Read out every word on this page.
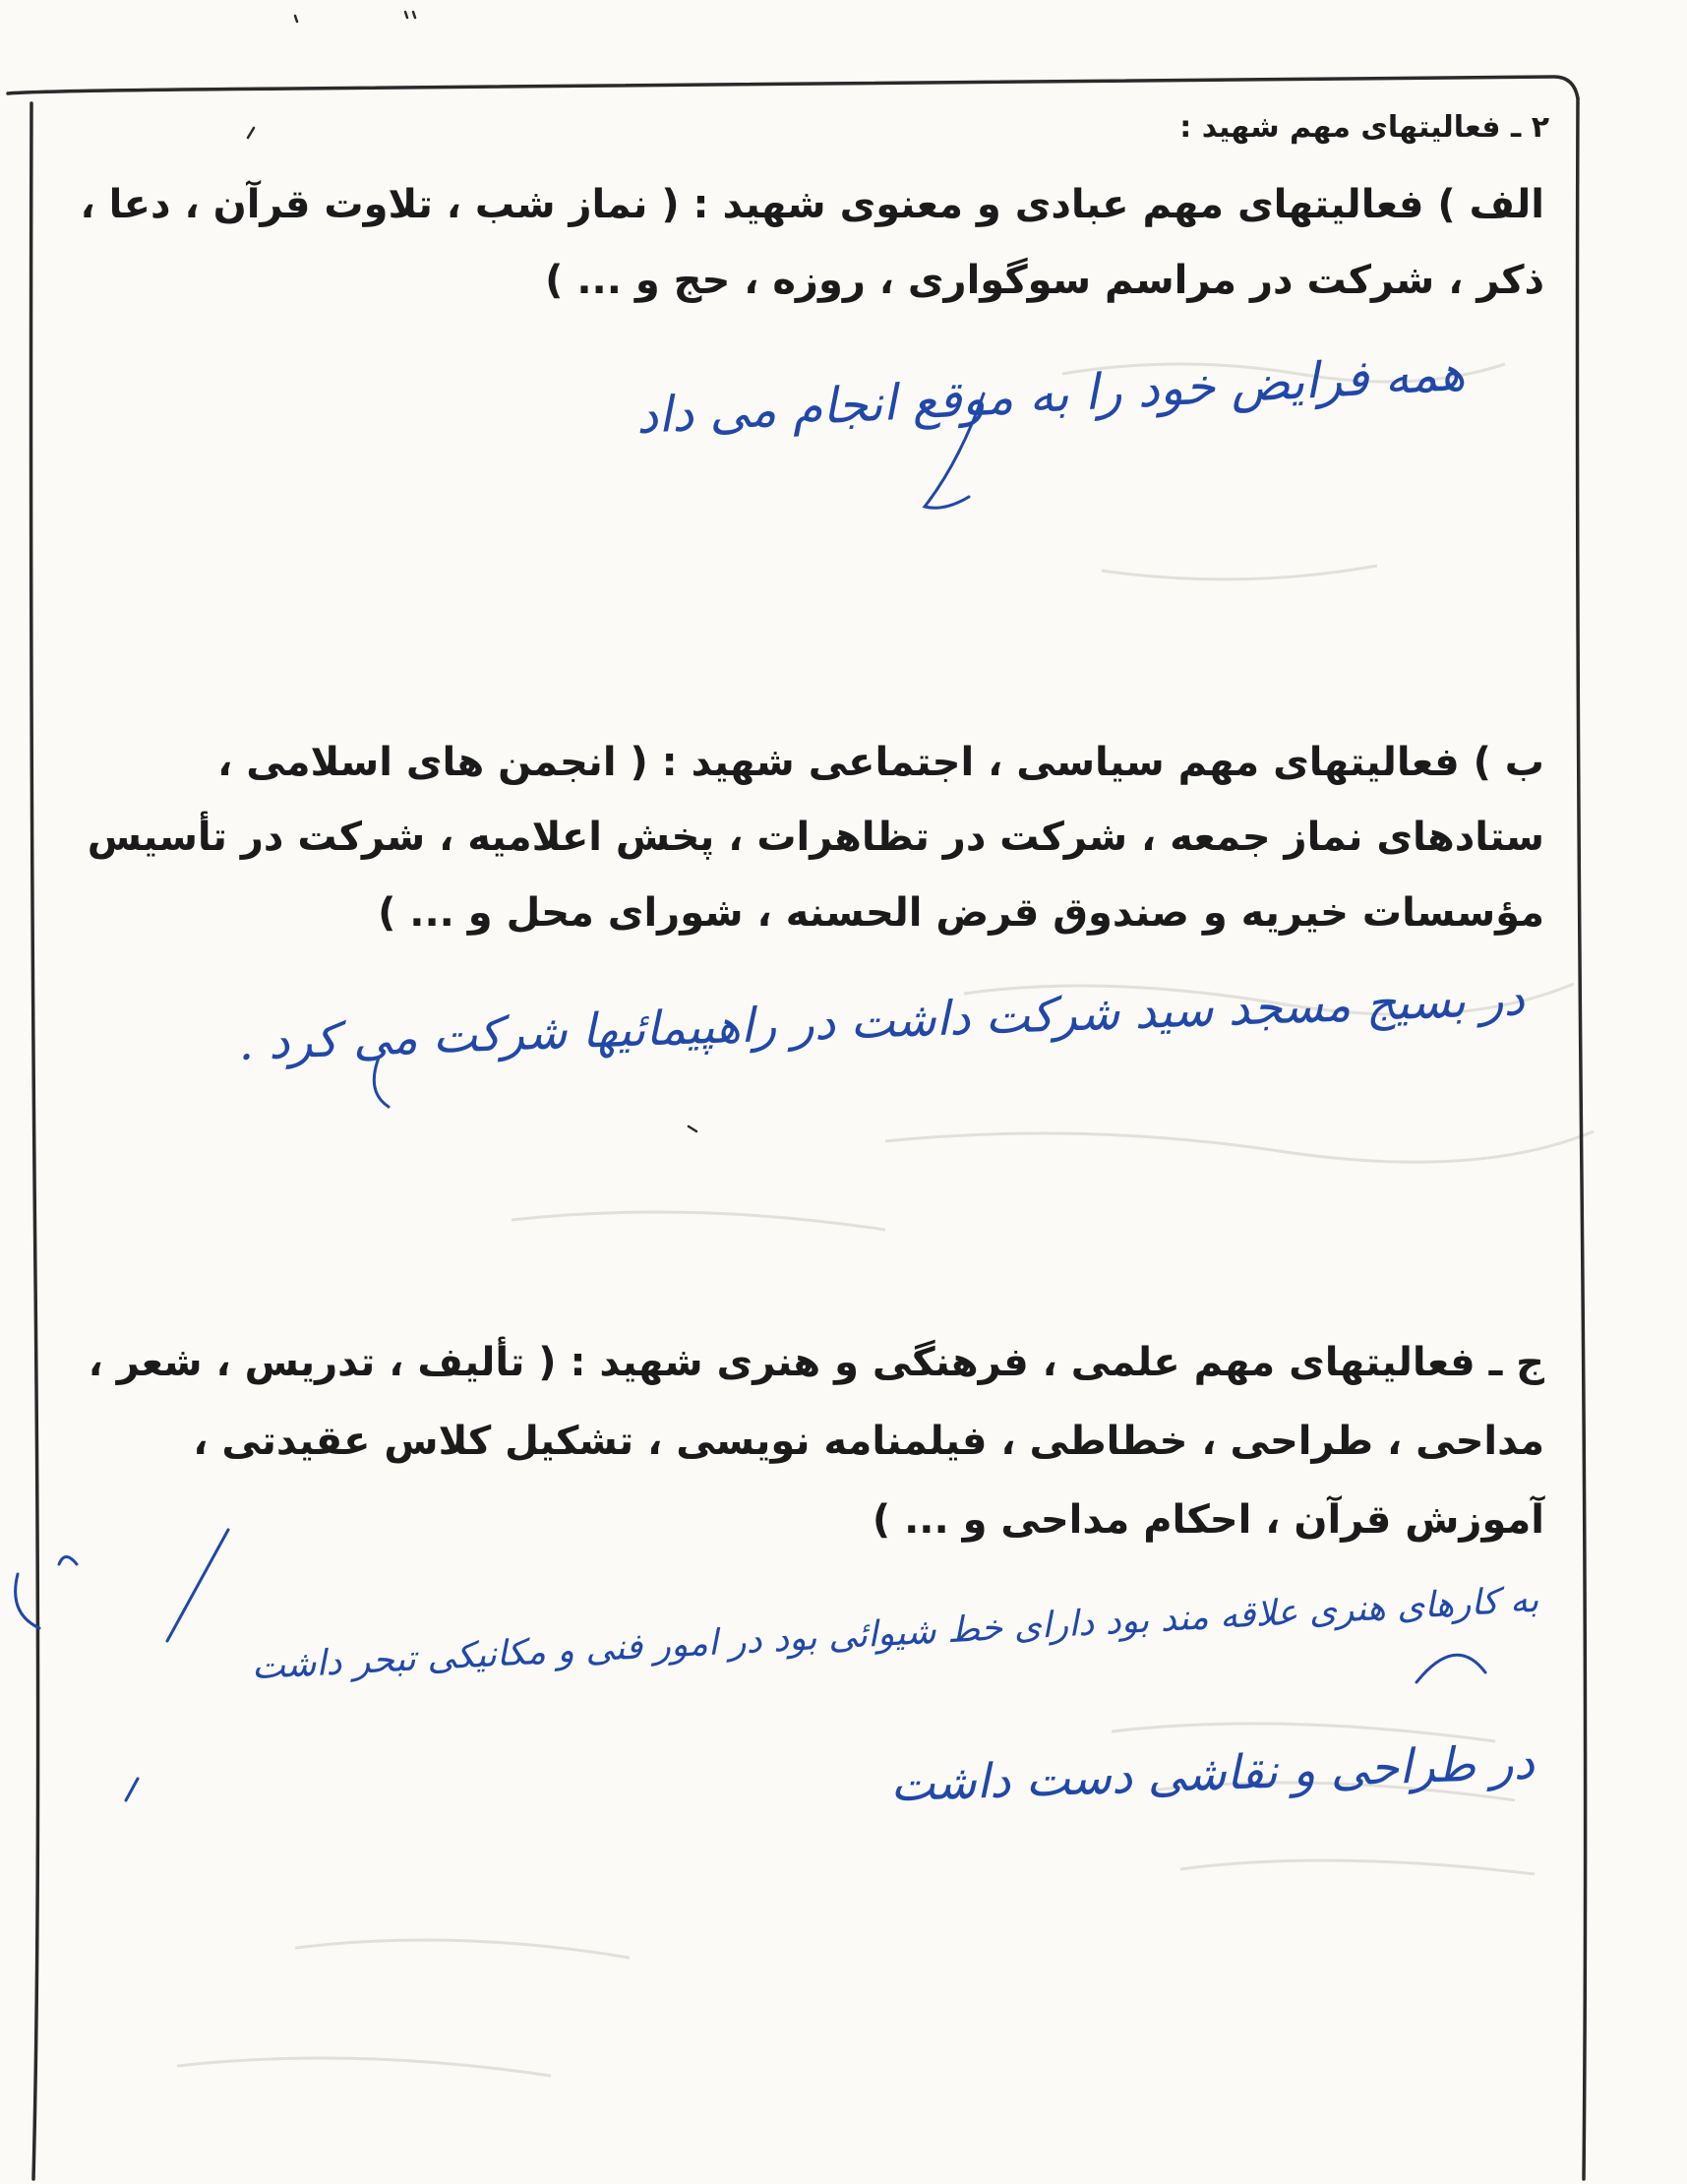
۲ ـ فعالیتهای مهم شهید :

الف ) فعالیتهای مهم عبادی و معنوی شهید : ( نماز شب ، تلاوت قرآن ، دعا ،

ذکر ، شرکت در مراسم سوگواری ، روزه ، حج و ... )

همه فرایض خود را به موقع انجام می داد

ب ) فعالیتهای مهم سیاسی ، اجتماعی شهید : ( انجمن های اسلامی ،

ستادهای نماز جمعه ، شرکت در تظاهرات ، پخش اعلامیه ، شرکت در تأسیس

مؤسسات خیریه و صندوق قرض الحسنه ، شورای محل و ... )

در بسیج مسجد سید شرکت داشت در راهپیمائیها شرکت می کرد .

ج ـ فعالیتهای مهم علمی ، فرهنگی و هنری شهید : ( تألیف ، تدریس ، شعر ،

مداحی ، طراحی ، خطاطی ، فیلمنامه نویسی ، تشکیل کلاس عقیدتی ،

آموزش قرآن ، احکام مداحی و ... )

به کارهای هنری علاقه مند بود دارای خط شیوائی بود در امور فنی و مکانیکی تبحر داشت

در طراحی و نقاشی دست داشت
